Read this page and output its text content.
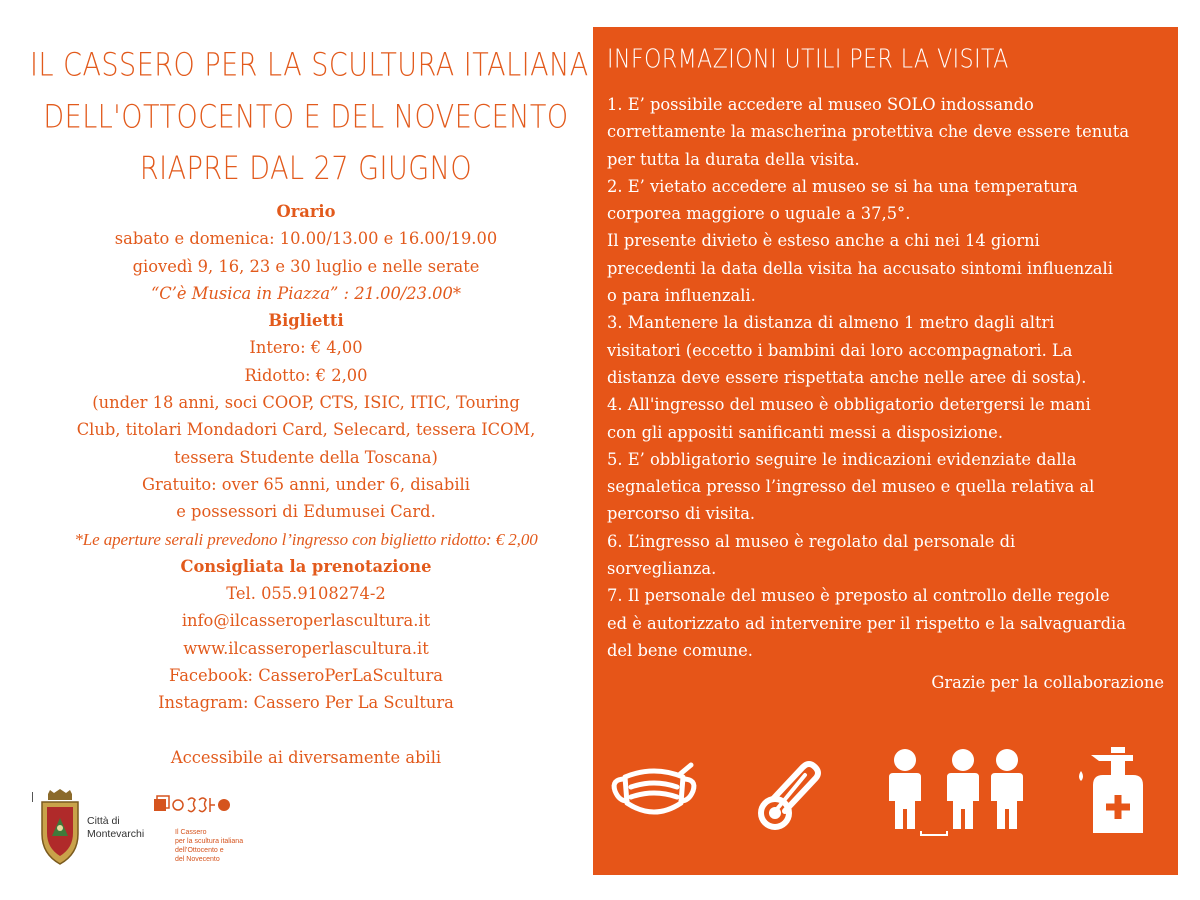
IL CASSERO PER LA SCULTURA ITALIANA
DELL'OTTOCENTO E DEL NOVECENTO
RIAPRE DAL 27 GIUGNO
Orario
sabato e domenica: 10.00/13.00 e 16.00/19.00
giovedì 9, 16, 23 e 30 luglio e nelle serate
“C’è Musica in Piazza” : 21.00/23.00*
Biglietti
Intero: € 4,00
Ridotto: € 2,00
(under 18 anni, soci COOP, CTS, ISIC, ITIC, Touring
Club, titolari Mondadori Card, Selecard, tessera ICOM,
tessera Studente della Toscana)
Gratuito: over 65 anni, under 6, disabili
e possessori di Edumusei Card.
*Le aperture serali prevedono l’ingresso con biglietto ridotto: € 2,00
Consigliata la prenotazione
Tel. 055.9108274-2
info@ilcasseroperlascultura.it
www.ilcasseroperlascultura.it
Facebook: CasseroPerLaScultura
Instagram: Cassero Per La Scultura
Accessibile ai diversamente abili
Città di
Montevarchi	Il Cassero
per la scultura italiana
dell’Ottocento e
del Novecento
INFORMAZIONI UTILI PER LA VISITA
1. E’ possibile accedere al museo SOLO indossando
correttamente la mascherina protettiva che deve essere tenuta
per tutta la durata della visita.
2. E’ vietato accedere al museo se si ha una temperatura
corporea maggiore o uguale a 37,5°.
Il presente divieto è esteso anche a chi nei 14 giorni
precedenti la data della visita ha accusato sintomi influenzali
o para influenzali.
3. Mantenere la distanza di almeno 1 metro dagli altri
visitatori (eccetto i bambini dai loro accompagnatori. La
distanza deve essere rispettata anche nelle aree di sosta).
4. All'ingresso del museo è obbligatorio detergersi le mani
con gli appositi sanificanti messi a disposizione.
5. E’ obbligatorio seguire le indicazioni evidenziate dalla
segnaletica presso l’ingresso del museo e quella relativa al
percorso di visita.
6. L’ingresso al museo è regolato dal personale di
sorveglianza.
7. Il personale del museo è preposto al controllo delle regole
ed è autorizzato ad intervenire per il rispetto e la salvaguardia
del bene comune.
Grazie per la collaborazione
